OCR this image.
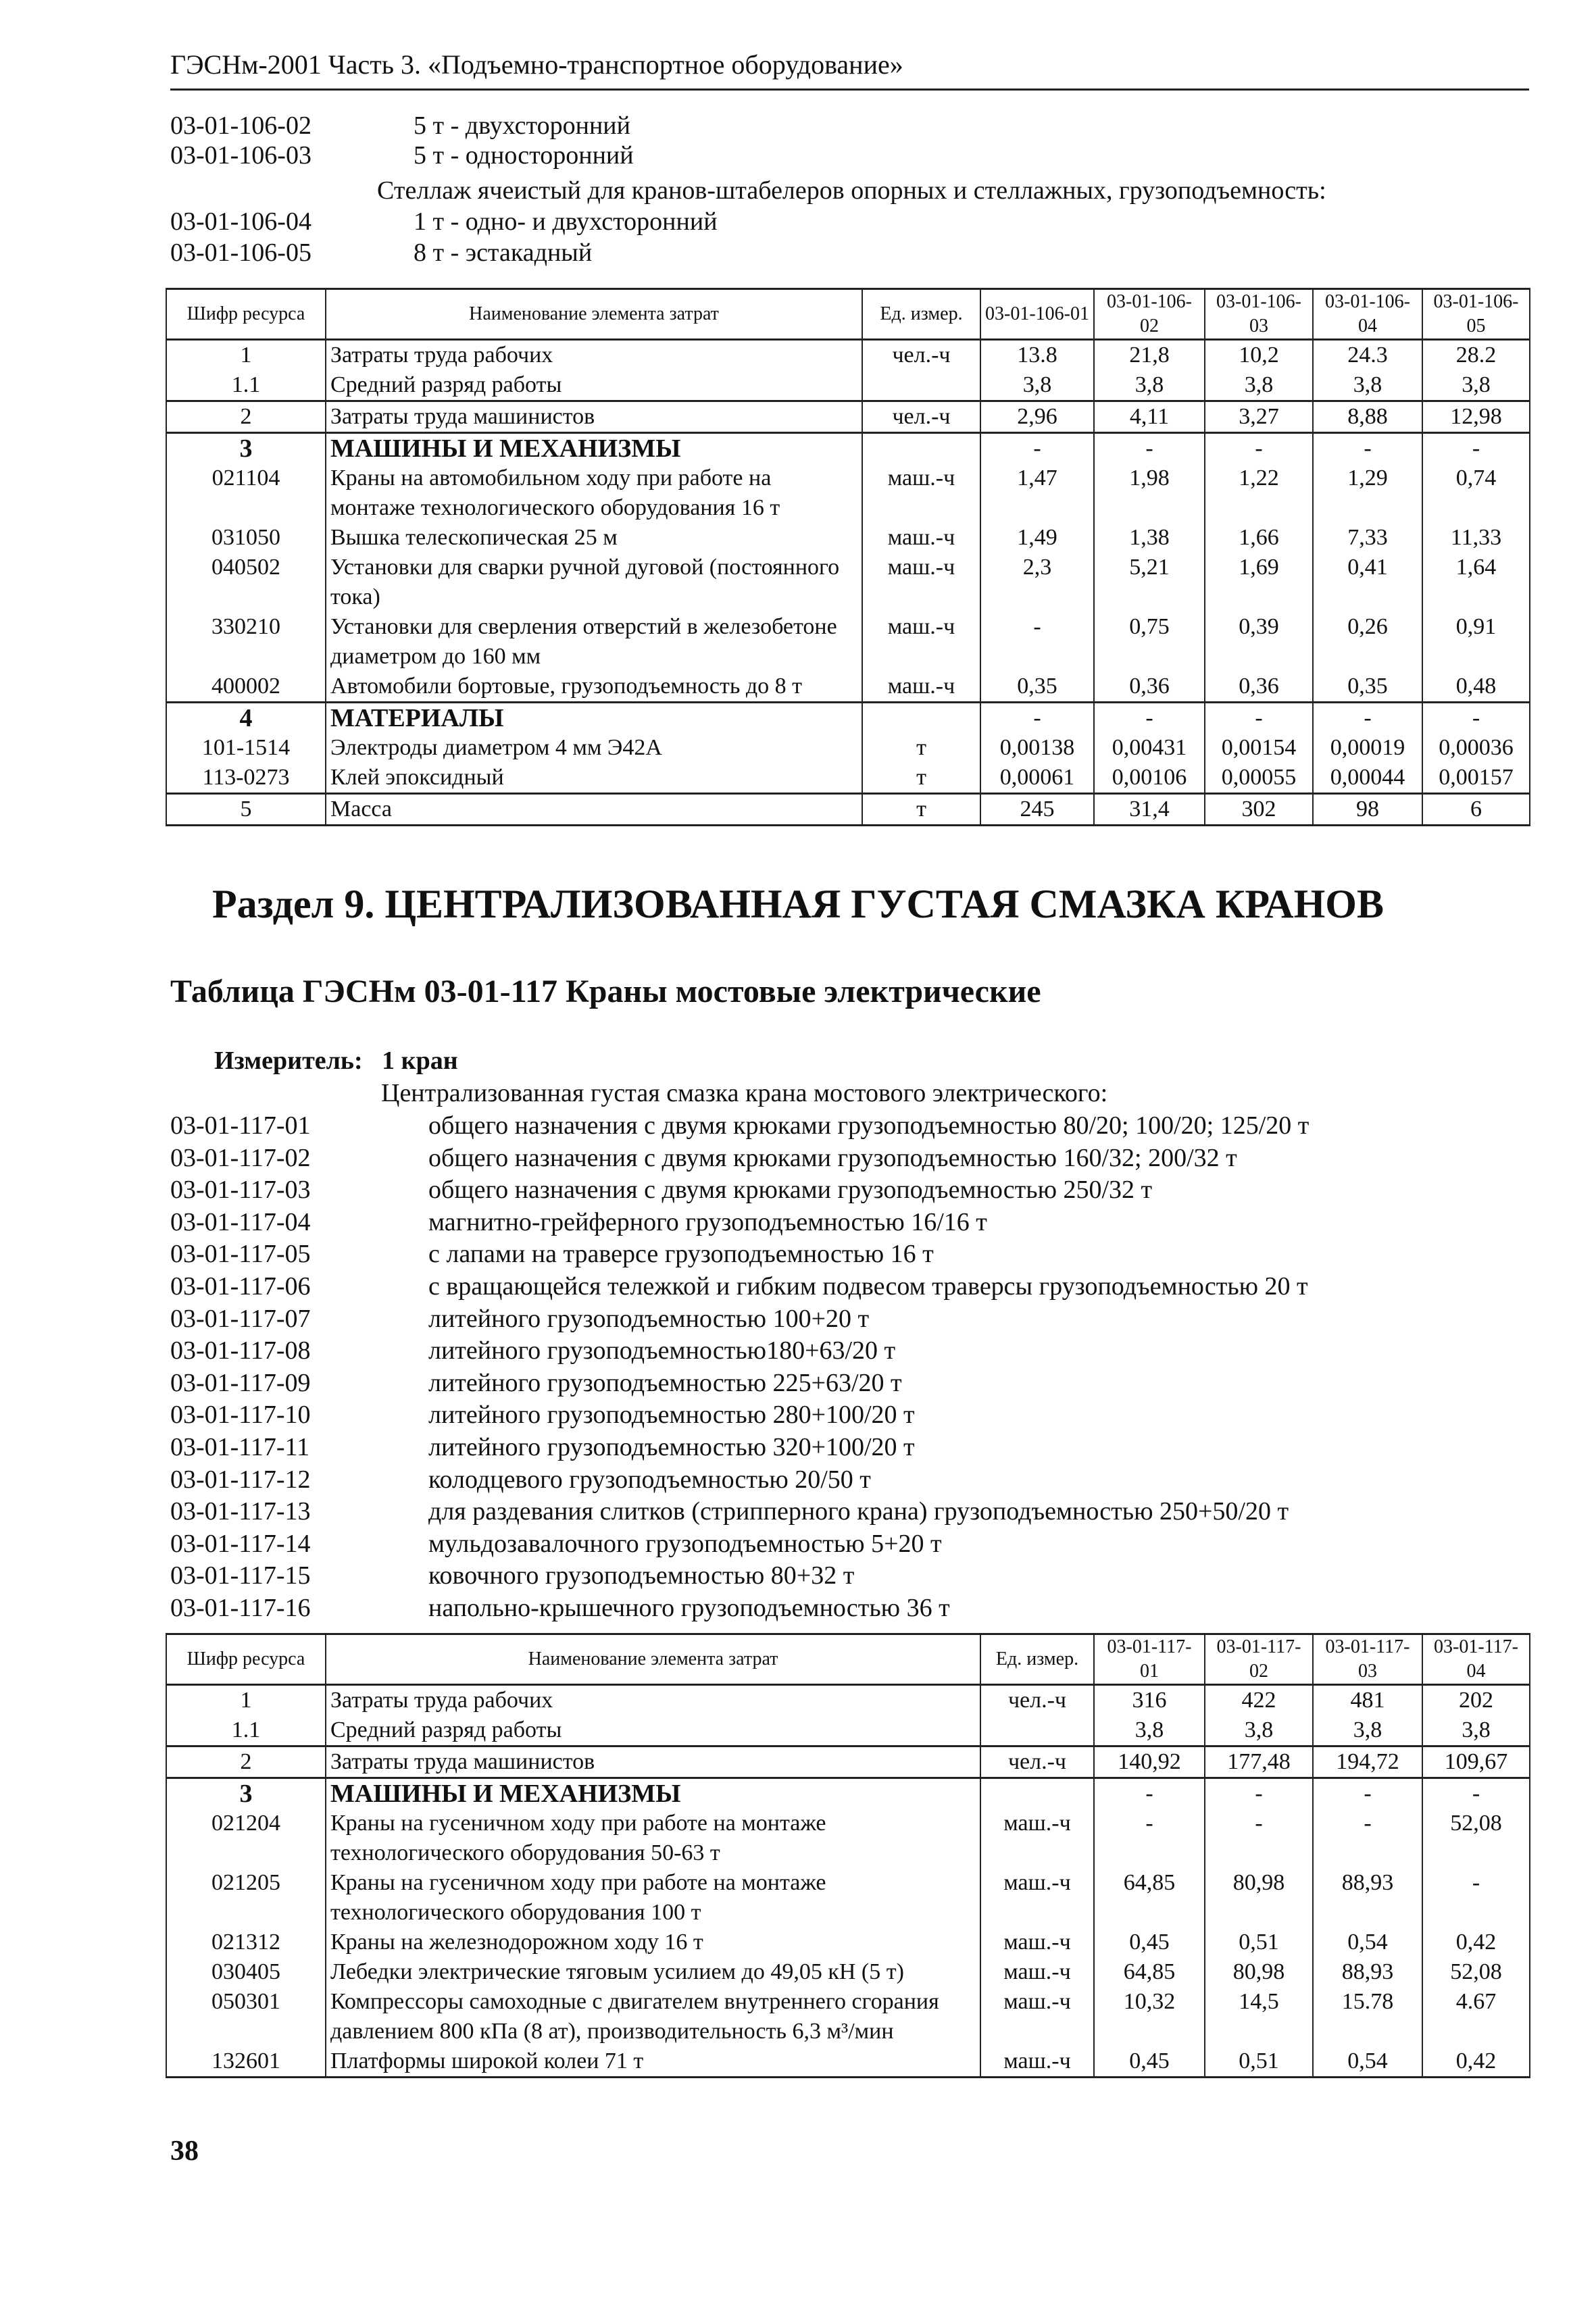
ГЭСНм-2001 Часть 3. «Подъемно-транспортное оборудование»
03-01-106-02	5 т - двухсторонний
03-01-106-03	5 т - односторонний
Стеллаж ячеистый для кранов-штабелеров опорных и стеллажных, грузоподъемность:
03-01-106-04	1 т - одно- и двухсторонний
03-01-106-05	8 т - эстакадный
Шифр ресурса	Наименование элемента затрат	Ед. измер.	03-01-106-01	03-01-106-02	03-01-106-03	03-01-106-04	03-01-106-05
1	Затраты труда рабочих	чел.-ч	13.8	21,8	10,2	24.3	28.2
1.1	Средний разряд работы		3,8	3,8	3,8	3,8	3,8
2	Затраты труда машинистов	чел.-ч	2,96	4,11	3,27	8,88	12,98
3	МАШИНЫ И МЕХАНИЗМЫ		-	-	-	-	-
021104	Краны на автомобильном ходу при работе на монтаже технологического оборудования 16 т	маш.-ч	1,47	1,98	1,22	1,29	0,74
031050	Вышка телескопическая 25 м	маш.-ч	1,49	1,38	1,66	7,33	11,33
040502	Установки для сварки ручной дуговой (постоянного тока)	маш.-ч	2,3	5,21	1,69	0,41	1,64
330210	Установки для сверления отверстий в железобетоне диаметром до 160 мм	маш.-ч	-	0,75	0,39	0,26	0,91
400002	Автомобили бортовые, грузоподъемность до 8 т	маш.-ч	0,35	0,36	0,36	0,35	0,48
4	МАТЕРИАЛЫ		-	-	-	-	-
101-1514	Электроды диаметром 4 мм Э42А	т	0,00138	0,00431	0,00154	0,00019	0,00036
113-0273	Клей эпоксидный	т	0,00061	0,00106	0,00055	0,00044	0,00157
5	Масса	т	245	31,4	302	98	6
Раздел 9. ЦЕНТРАЛИЗОВАННАЯ ГУСТАЯ СМАЗКА КРАНОВ
Таблица ГЭСНм 03-01-117 Краны мостовые электрические
Измеритель:   1 кран
Централизованная густая смазка крана мостового электрического:
03-01-117-01	общего назначения с двумя крюками грузоподъемностью 80/20; 100/20; 125/20 т
03-01-117-02	общего назначения с двумя крюками грузоподъемностью 160/32; 200/32 т
03-01-117-03	общего назначения с двумя крюками грузоподъемностью 250/32 т
03-01-117-04	магнитно-грейферного грузоподъемностью 16/16 т
03-01-117-05	с лапами на траверсе грузоподъемностью 16 т
03-01-117-06	с вращающейся тележкой и гибким подвесом траверсы грузоподъемностью 20 т
03-01-117-07	литейного грузоподъемностью 100+20 т
03-01-117-08	литейного грузоподъемностью180+63/20 т
03-01-117-09	литейного грузоподъемностью 225+63/20 т
03-01-117-10	литейного грузоподъемностью 280+100/20 т
03-01-117-11	литейного грузоподъемностью 320+100/20 т
03-01-117-12	колодцевого грузоподъемностью 20/50 т
03-01-117-13	для раздевания слитков (стрипперного крана) грузоподъемностью 250+50/20 т
03-01-117-14	мульдозавалочного грузоподъемностью 5+20 т
03-01-117-15	ковочного грузоподъемностью 80+32 т
03-01-117-16	напольно-крышечного грузоподъемностью 36 т
Шифр ресурса	Наименование элемента затрат	Ед. измер.	03-01-117-01	03-01-117-02	03-01-117-03	03-01-117-04
1	Затраты труда рабочих	чел.-ч	316	422	481	202
1.1	Средний разряд работы		3,8	3,8	3,8	3,8
2	Затраты труда машинистов	чел.-ч	140,92	177,48	194,72	109,67
3	МАШИНЫ И МЕХАНИЗМЫ		-	-	-	-
021204	Краны на гусеничном ходу при работе на монтаже технологического оборудования 50-63 т	маш.-ч	-	-	-	52,08
021205	Краны на гусеничном ходу при работе на монтаже технологического оборудования 100 т	маш.-ч	64,85	80,98	88,93	-
021312	Краны на железнодорожном ходу 16 т	маш.-ч	0,45	0,51	0,54	0,42
030405	Лебедки электрические тяговым усилием до 49,05 кН (5 т)	маш.-ч	64,85	80,98	88,93	52,08
050301	Компрессоры самоходные с двигателем внутреннего сгорания давлением 800 кПа (8 ат), производительность 6,3 м³/мин	маш.-ч	10,32	14,5	15.78	4.67
132601	Платформы широкой колеи 71 т	маш.-ч	0,45	0,51	0,54	0,42
38
